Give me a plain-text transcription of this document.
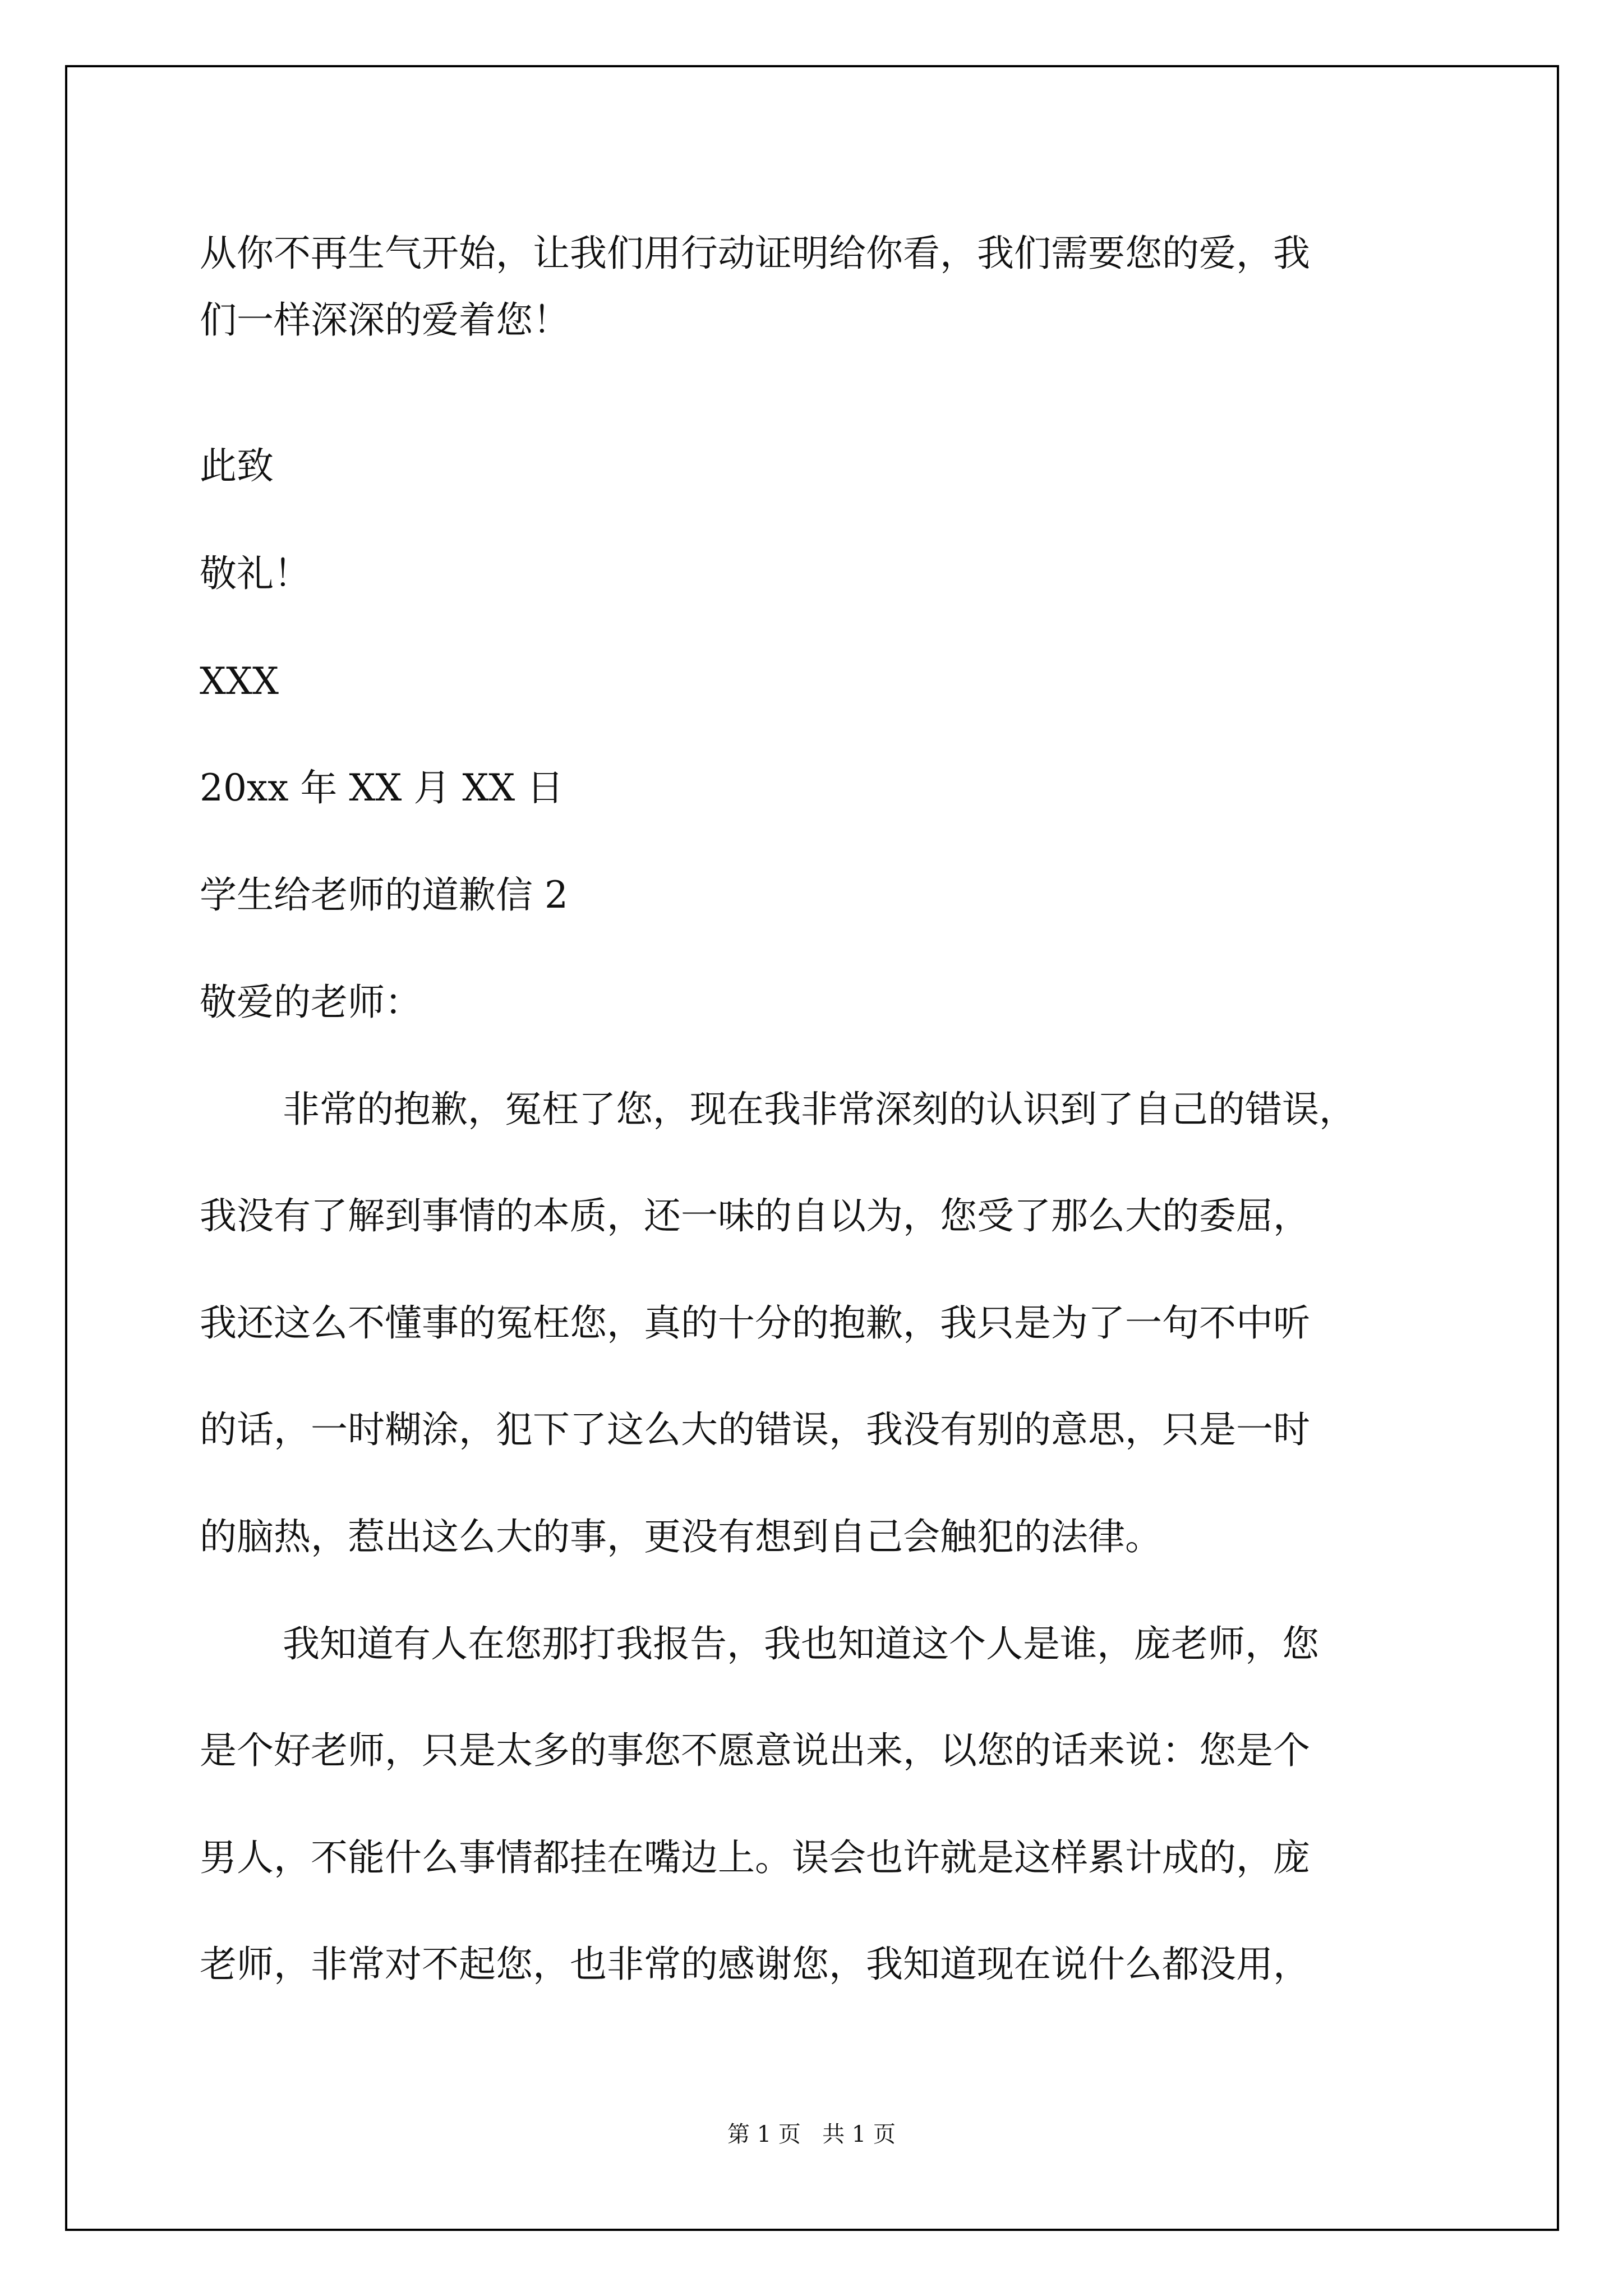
从你不再生气开始，让我们用行动证明给你看，我们需要您的爱，我

们一样深深的爱着您！

此致

敬礼！

XXX

20xx 年 XX 月 XX 日

学生给老师的道歉信 2

敬爱的老师：

非常的抱歉，冤枉了您，现在我非常深刻的认识到了自己的错误，

我没有了解到事情的本质，还一味的自以为，您受了那么大的委屈，

我还这么不懂事的冤枉您，真的十分的抱歉，我只是为了一句不中听

的话，一时糊涂，犯下了这么大的错误，我没有别的意思，只是一时

的脑热，惹出这么大的事，更没有想到自己会触犯的法律。

我知道有人在您那打我报告，我也知道这个人是谁，庞老师，您

是个好老师，只是太多的事您不愿意说出来，以您的话来说：您是个

男人，不能什么事情都挂在嘴边上。误会也许就是这样累计成的，庞

老师，非常对不起您，也非常的感谢您，我知道现在说什么都没用，

第 1 页   共 1 页
